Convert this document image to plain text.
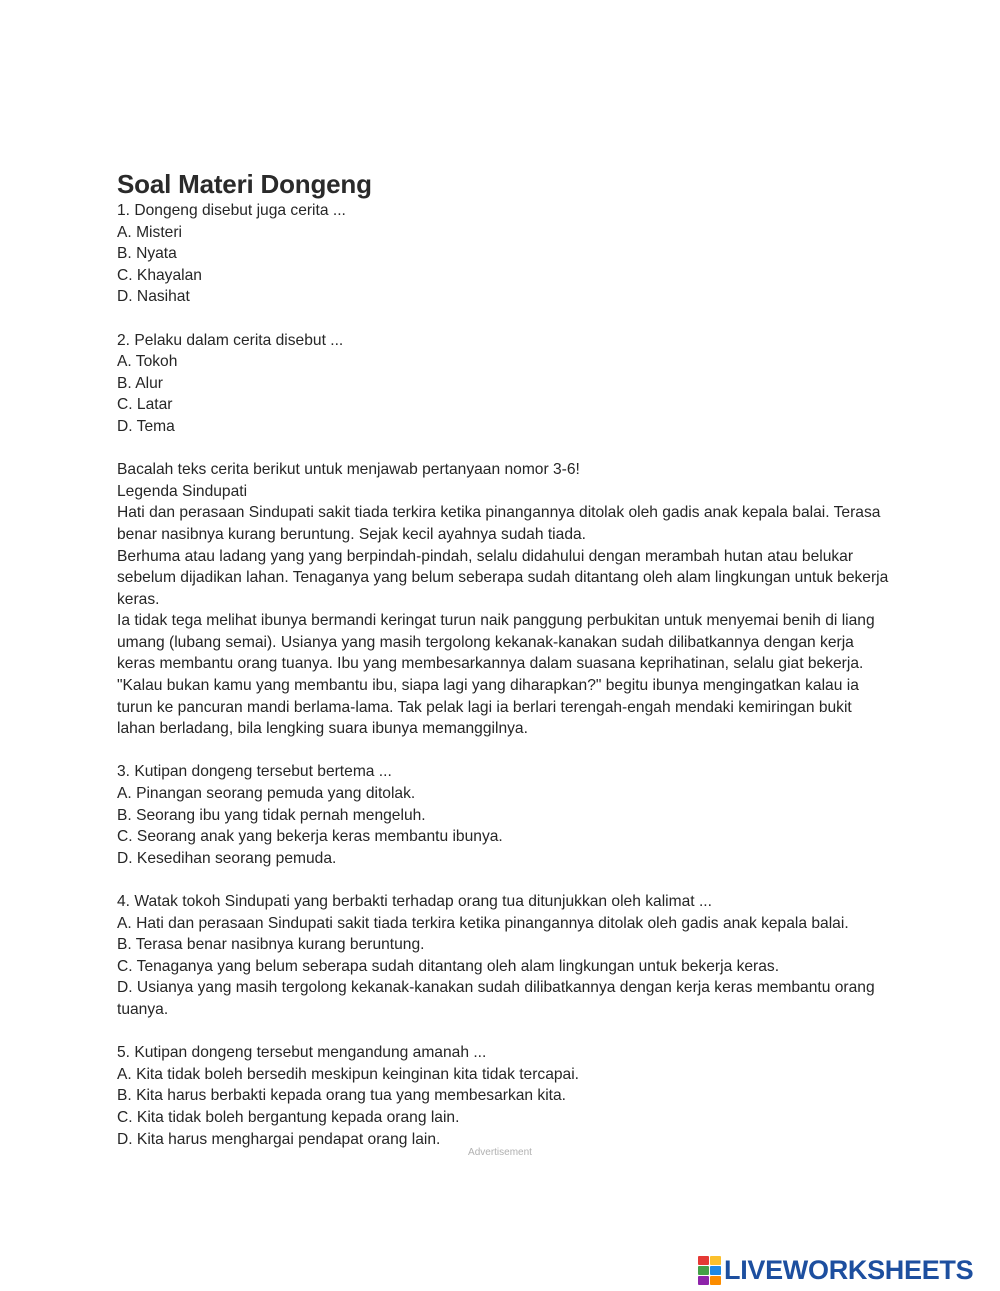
Soal Materi Dongeng

1. Dongeng disebut juga cerita ...

A. Misteri

B. Nyata

C. Khayalan

D. Nasihat

2. Pelaku dalam cerita disebut ...

A. Tokoh

B. Alur

C. Latar

D. Tema

Bacalah teks cerita berikut untuk menjawab pertanyaan nomor 3-6!

Legenda Sindupati

Hati dan perasaan Sindupati sakit tiada terkira ketika pinangannya ditolak oleh gadis anak kepala balai. Terasa

benar nasibnya kurang beruntung. Sejak kecil ayahnya sudah tiada.

Berhuma atau ladang yang yang berpindah-pindah, selalu didahului dengan merambah hutan atau belukar

sebelum dijadikan lahan. Tenaganya yang belum seberapa sudah ditantang oleh alam lingkungan untuk bekerja

keras.

Ia tidak tega melihat ibunya bermandi keringat turun naik panggung perbukitan untuk menyemai benih di liang

umang (lubang semai). Usianya yang masih tergolong kekanak-kanakan sudah dilibatkannya dengan kerja

keras membantu orang tuanya. Ibu yang membesarkannya dalam suasana keprihatinan, selalu giat bekerja.

"Kalau bukan kamu yang membantu ibu, siapa lagi yang diharapkan?" begitu ibunya mengingatkan kalau ia

turun ke pancuran mandi berlama-lama. Tak pelak lagi ia berlari terengah-engah mendaki kemiringan bukit

lahan berladang, bila lengking suara ibunya memanggilnya.

3. Kutipan dongeng tersebut bertema ...

A. Pinangan seorang pemuda yang ditolak.

B. Seorang ibu yang tidak pernah mengeluh.

C. Seorang anak yang bekerja keras membantu ibunya.

D. Kesedihan seorang pemuda.

4. Watak tokoh Sindupati yang berbakti terhadap orang tua ditunjukkan oleh kalimat ...

A. Hati dan perasaan Sindupati sakit tiada terkira ketika pinangannya ditolak oleh gadis anak kepala balai.

B. Terasa benar nasibnya kurang beruntung.

C. Tenaganya yang belum seberapa sudah ditantang oleh alam lingkungan untuk bekerja keras.

D. Usianya yang masih tergolong kekanak-kanakan sudah dilibatkannya dengan kerja keras membantu orang

tuanya.

5. Kutipan dongeng tersebut mengandung amanah ...

A. Kita tidak boleh bersedih meskipun keinginan kita tidak tercapai.

B. Kita harus berbakti kepada orang tua yang membesarkan kita.

C. Kita tidak boleh bergantung kepada orang lain.

D. Kita harus menghargai pendapat orang lain.

Advertisement
LIVEWORKSHEETS
